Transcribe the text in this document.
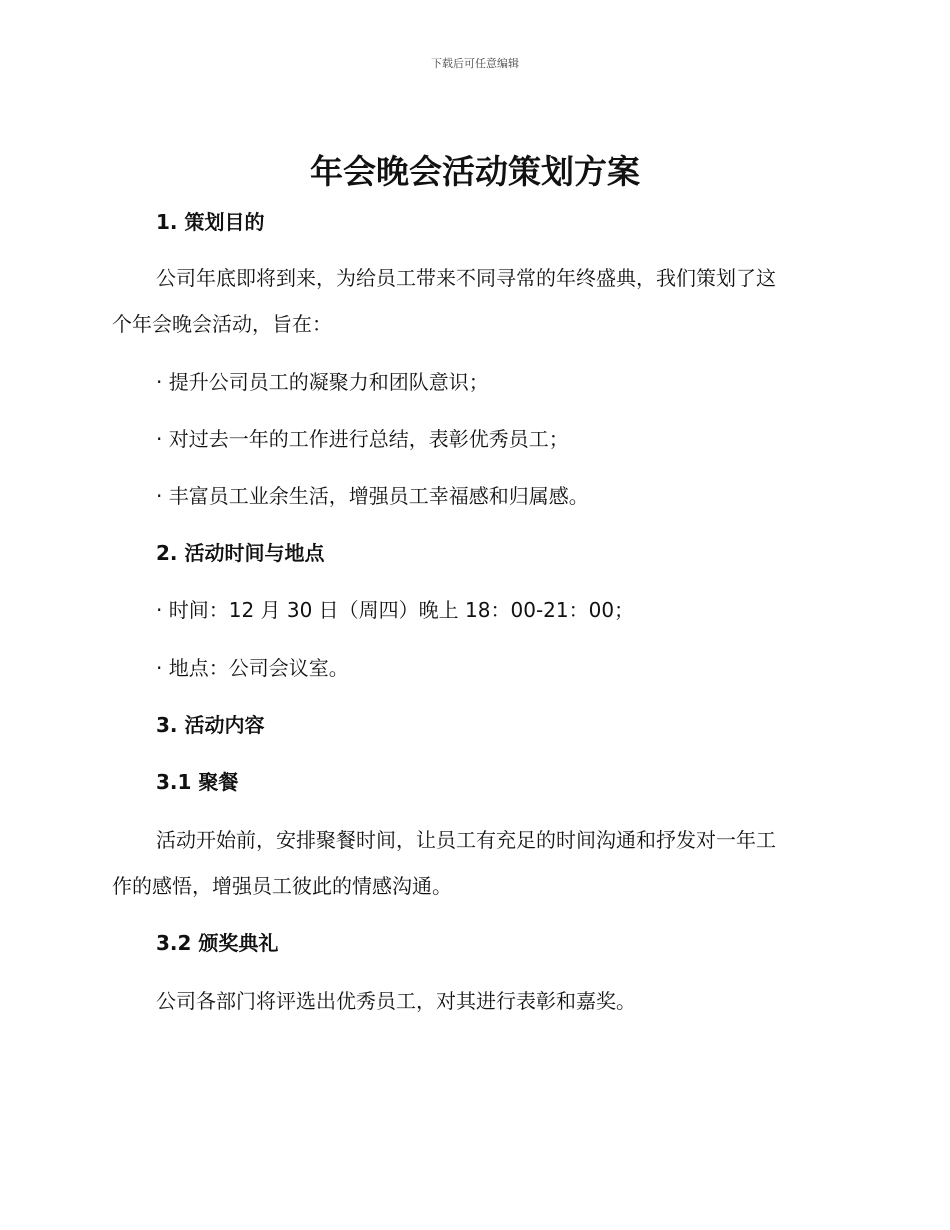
下载后可任意编辑
年会晚会活动策划方案
1. 策划目的
公司年底即将到来，为给员工带来不同寻常的年终盛典，我们策划了这
个年会晚会活动，旨在：
· 提升公司员工的凝聚力和团队意识；
· 对过去一年的工作进行总结，表彰优秀员工；
· 丰富员工业余生活，增强员工幸福感和归属感。
2. 活动时间与地点
· 时间：12 月 30 日（周四）晚上 18：00-21：00；
· 地点：公司会议室。
3. 活动内容
3.1 聚餐
活动开始前，安排聚餐时间，让员工有充足的时间沟通和抒发对一年工
作的感悟，增强员工彼此的情感沟通。
3.2 颁奖典礼
公司各部门将评选出优秀员工，对其进行表彰和嘉奖。
